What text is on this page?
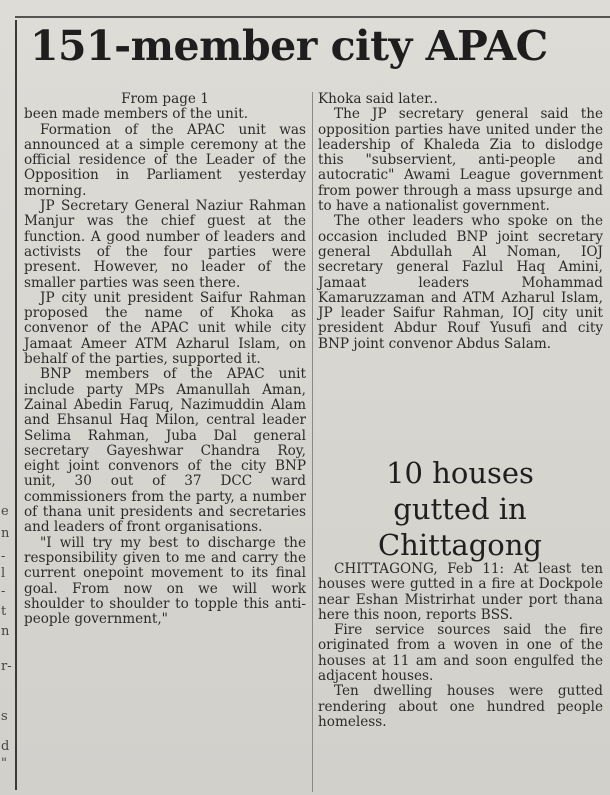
e
n
-
l
-
t
n
r-
s
d
"
151-member city APAC

From page 1

been made members of the unit.

Formation of the APAC unit was announced at a simple ceremony at the official residence of the Leader of the Opposition in Parliament yesterday morning.

JP Secretary General Naziur Rahman Manjur was the chief guest at the function. A good number of leaders and activists of the four parties were present. However, no leader of the smaller parties was seen there.

JP city unit president Saifur Rahman proposed the name of Khoka as convenor of the APAC unit while city Jamaat Ameer ATM Azharul Islam, on behalf of the parties, supported it.

BNP members of the APAC unit include party MPs Amanullah Aman, Zainal Abedin Faruq, Nazimuddin Alam and Ehsanul Haq Milon, central leader Selima Rahman, Juba Dal general secretary Gayeshwar Chandra Roy, eight joint convenors of the city BNP unit, 30 out of 37 DCC ward commissioners from the party, a number of thana unit presidents and secretaries and leaders of front organisations.

"I will try my best to discharge the responsibility given to me and carry the current onepoint movement to its final goal. From now on we will work shoulder to shoulder to topple this anti-people government,"

Khoka said later..

The JP secretary general said the opposition parties have united under the leadership of Khaleda Zia to dislodge this "subservient, anti-people and autocratic" Awami League government from power through a mass upsurge and to have a nationalist government.

The other leaders who spoke on the occasion included BNP joint secretary general Abdullah Al Noman, IOJ secretary general Fazlul Haq Amini, Jamaat leaders Mohammad Kamaruzzaman and ATM Azharul Islam, JP leader Saifur Rahman, IOJ city unit president Abdur Rouf Yusufi and city BNP joint convenor Abdus Salam.

10 houses
gutted in
Chittagong

CHITTAGONG, Feb 11: At least ten houses were gutted in a fire at Dockpole near Eshan Mistrirhat under port thana here this noon, reports BSS.

Fire service sources said the fire originated from a woven in one of the houses at 11 am and soon engulfed the adjacent houses.

Ten dwelling houses were gutted rendering about one hundred people homeless.
